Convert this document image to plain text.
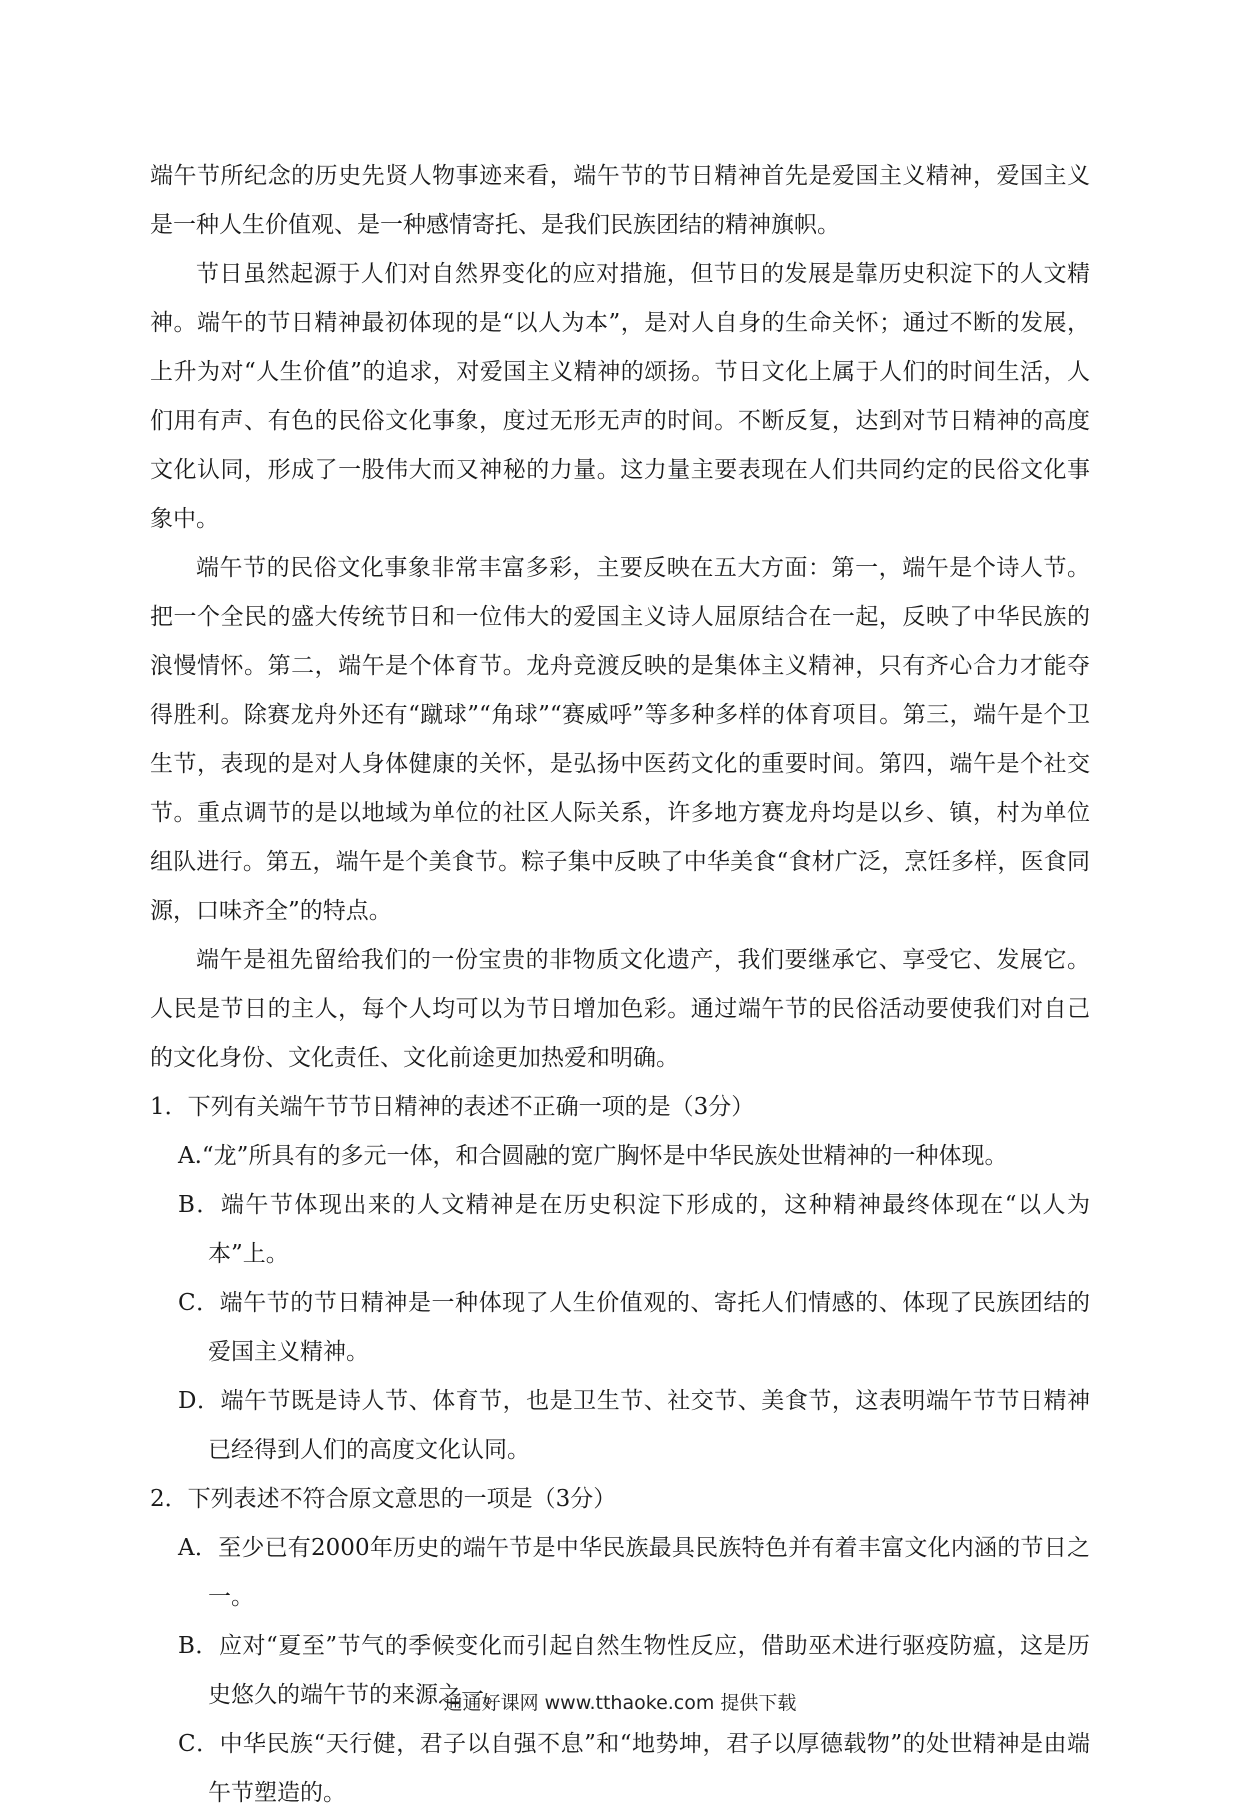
端午节所纪念的历史先贤人物事迹来看，端午节的节日精神首先是爱国主义精神，爱国主义是一种人生价值观、是一种感情寄托、是我们民族团结的精神旗帜。

节日虽然起源于人们对自然界变化的应对措施，但节日的发展是靠历史积淀下的人文精神。端午的节日精神最初体现的是“以人为本”，是对人自身的生命关怀；通过不断的发展，上升为对“人生价值”的追求，对爱国主义精神的颂扬。节日文化上属于人们的时间生活，人们用有声、有色的民俗文化事象，度过无形无声的时间。不断反复，达到对节日精神的高度文化认同，形成了一股伟大而又神秘的力量。这力量主要表现在人们共同约定的民俗文化事象中。

端午节的民俗文化事象非常丰富多彩，主要反映在五大方面：第一，端午是个诗人节。把一个全民的盛大传统节日和一位伟大的爱国主义诗人屈原结合在一起，反映了中华民族的浪慢情怀。第二，端午是个体育节。龙舟竞渡反映的是集体主义精神，只有齐心合力才能夺得胜利。除赛龙舟外还有“蹴球”“角球”“赛威呼”等多种多样的体育项目。第三，端午是个卫生节，表现的是对人身体健康的关怀，是弘扬中医药文化的重要时间。第四，端午是个社交节。重点调节的是以地域为单位的社区人际关系，许多地方赛龙舟均是以乡、镇，村为单位组队进行。第五，端午是个美食节。粽子集中反映了中华美食“食材广泛，烹饪多样，医食同源，口味齐全”的特点。

端午是祖先留给我们的一份宝贵的非物质文化遗产，我们要继承它、享受它、发展它。人民是节日的主人，每个人均可以为节日增加色彩。通过端午节的民俗活动要使我们对自己的文化身份、文化责任、文化前途更加热爱和明确。

1．下列有关端午节节日精神的表述不正确一项的是（3分）

A.“龙”所具有的多元一体，和合圆融的宽广胸怀是中华民族处世精神的一种体现。

B．端午节体现出来的人文精神是在历史积淀下形成的，这种精神最终体现在“以人为本”上。

C．端午节的节日精神是一种体现了人生价值观的、寄托人们情感的、体现了民族团结的爱国主义精神。

D．端午节既是诗人节、体育节，也是卫生节、社交节、美食节，这表明端午节节日精神已经得到人们的高度文化认同。

2．下列表述不符合原文意思的一项是（3分）

A．至少已有2000年历史的端午节是中华民族最具民族特色并有着丰富文化内涵的节日之一。

B．应对“夏至”节气的季候变化而引起自然生物性反应，借助巫术进行驱疫防瘟，这是历史悠久的端午节的来源之一。

C．中华民族“天行健，君子以自强不息”和“地势坤，君子以厚德载物”的处世精神是由端午节塑造的。

通通好课网 www.tthaoke.com 提供下载
